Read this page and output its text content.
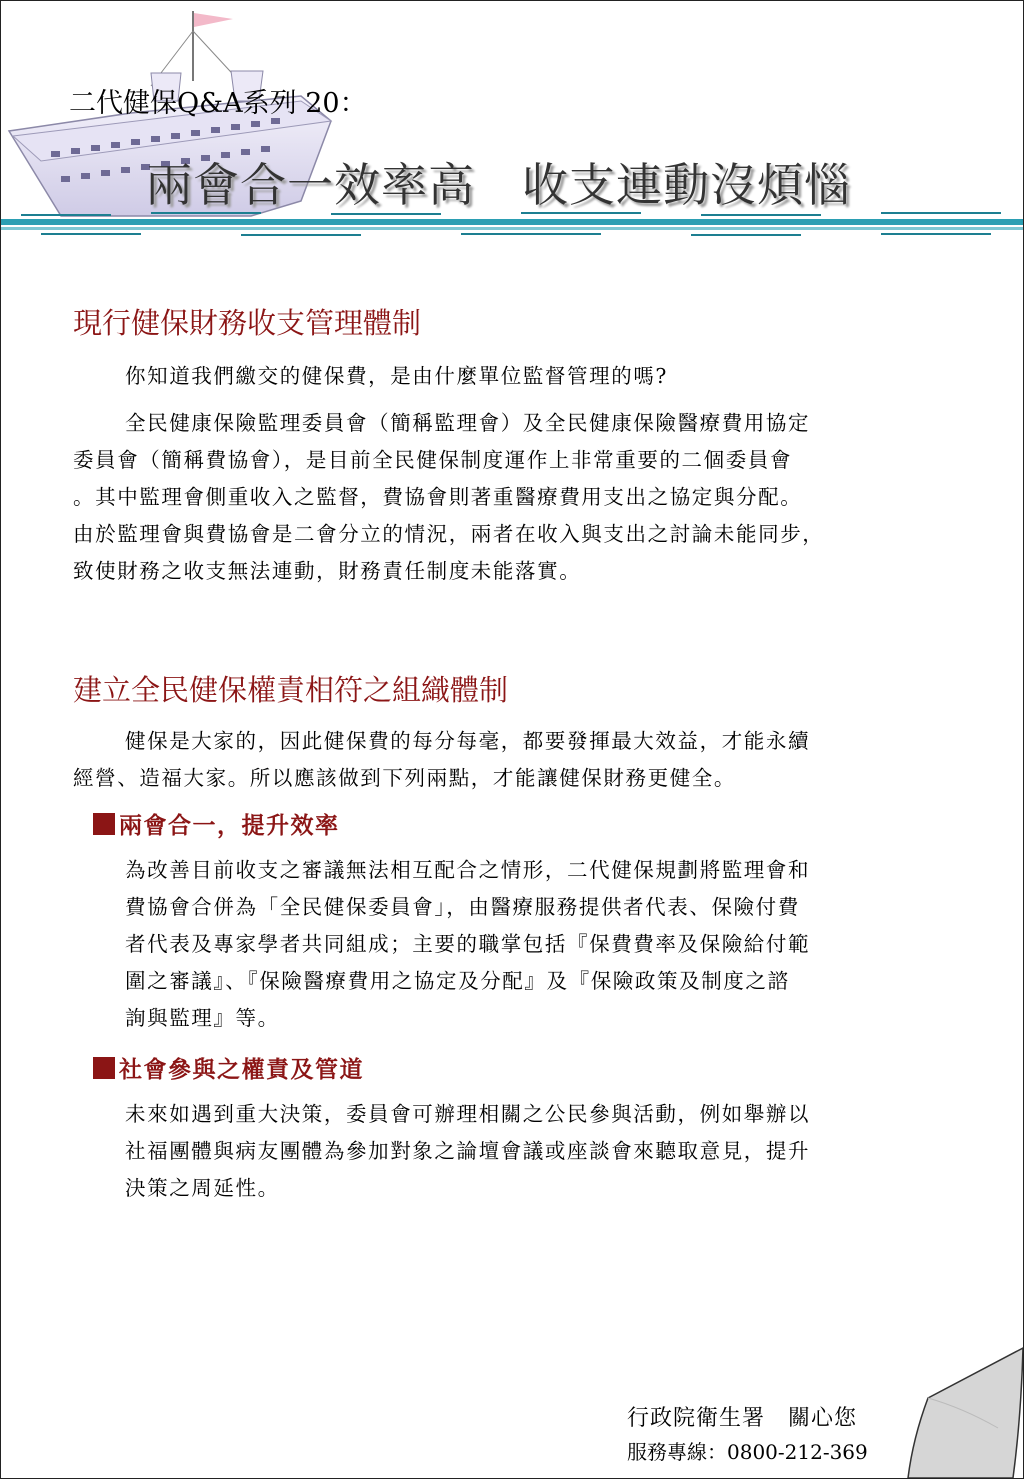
二代健保Q&A系列 20：
兩會合一效率高　收支連動沒煩惱
現行健保財務收支管理體制

你知道我們繳交的健保費，是由什麼單位監督管理的嗎?

全民健康保險監理委員會（簡稱監理會）及全民健康保險醫療費用協定

委員會（簡稱費協會），是目前全民健保制度運作上非常重要的二個委員會

。其中監理會側重收入之監督，費協會則著重醫療費用支出之協定與分配。

由於監理會與費協會是二會分立的情況，兩者在收入與支出之討論未能同步，

致使財務之收支無法連動，財務責任制度未能落實。

建立全民健保權責相符之組織體制

健保是大家的，因此健保費的每分每毫，都要發揮最大效益，才能永續

經營、造福大家。所以應該做到下列兩點，才能讓健保財務更健全。

兩會合一，提升效率

為改善目前收支之審議無法相互配合之情形，二代健保規劃將監理會和

費協會合併為「全民健保委員會」，由醫療服務提供者代表、保險付費

者代表及專家學者共同組成；主要的職掌包括『保費費率及保險給付範

圍之審議』、『保險醫療費用之協定及分配』及『保險政策及制度之諮

詢與監理』等。

社會參與之權責及管道

未來如遇到重大決策，委員會可辦理相關之公民參與活動，例如舉辦以

社福團體與病友團體為參加對象之論壇會議或座談會來聽取意見，提升

決策之周延性。

行政院衛生署　關心您
服務專線：0800-212-369
